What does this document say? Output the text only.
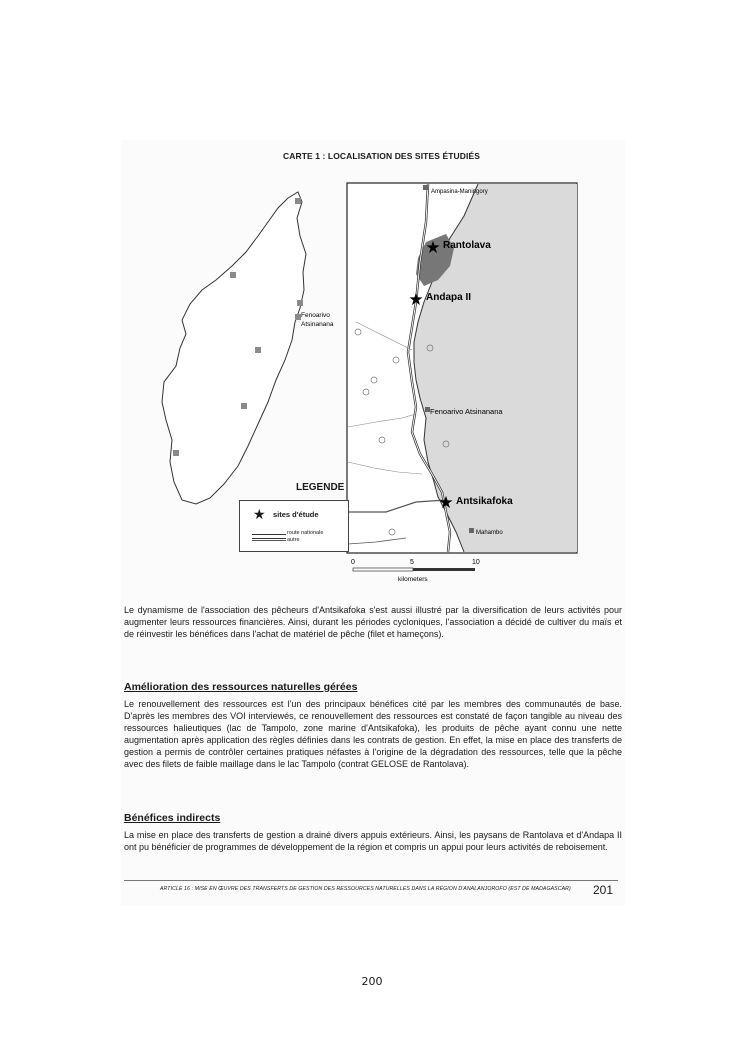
CARTE 1 : LOCALISATION DES SITES ÉTUDIÉS
Fenoarivo
Atsinanana
Ampasina-Maningory
★ Rantolava
★ Andapa II
Fenoarivo Atsinanana
★ Antsikafoka
Mahambo
LEGENDE
★ sites d'étude
route nationale
autre
0	5	10
kilometers
Le dynamisme de l'association des pêcheurs d'Antsikafoka s'est aussi illustré par la diversification de leurs activités pour augmenter leurs ressources financières. Ainsi, durant les périodes cycloniques, l'association a décidé de cultiver du maïs et de réinvestir les bénéfices dans l'achat de matériel de pêche (filet et hameçons).
Amélioration des ressources naturelles gérées
Le renouvellement des ressources est l'un des principaux bénéfices cité par les membres des communautés de base. D'après les membres des VOI interviewés, ce renouvellement des ressources est constaté de façon tangible au niveau des ressources halieutiques (lac de Tampolo, zone marine d'Antsikafoka), les produits de pêche ayant connu une nette augmentation après application des règles définies dans les contrats de gestion. En effet, la mise en place des transferts de gestion a permis de contrôler certaines pratiques néfastes à l'origine de la dégradation des ressources, telle que la pêche avec des filets de faible maillage dans le lac Tampolo (contrat GELOSE de Rantolava).
Bénéfices indirects
La mise en place des transferts de gestion a drainé divers appuis extérieurs. Ainsi, les paysans de Rantolava et d'Andapa II ont pu bénéficier de programmes de développement de la région et compris un appui pour leurs activités de reboisement.
ARTICLE 16 : MISE EN ŒUVRE DES TRANSFERTS DE GESTION DES RESSOURCES NATURELLES DANS LA RÉGION D'ANALANJOROFO (EST DE MADAGASCAR) 201
200
